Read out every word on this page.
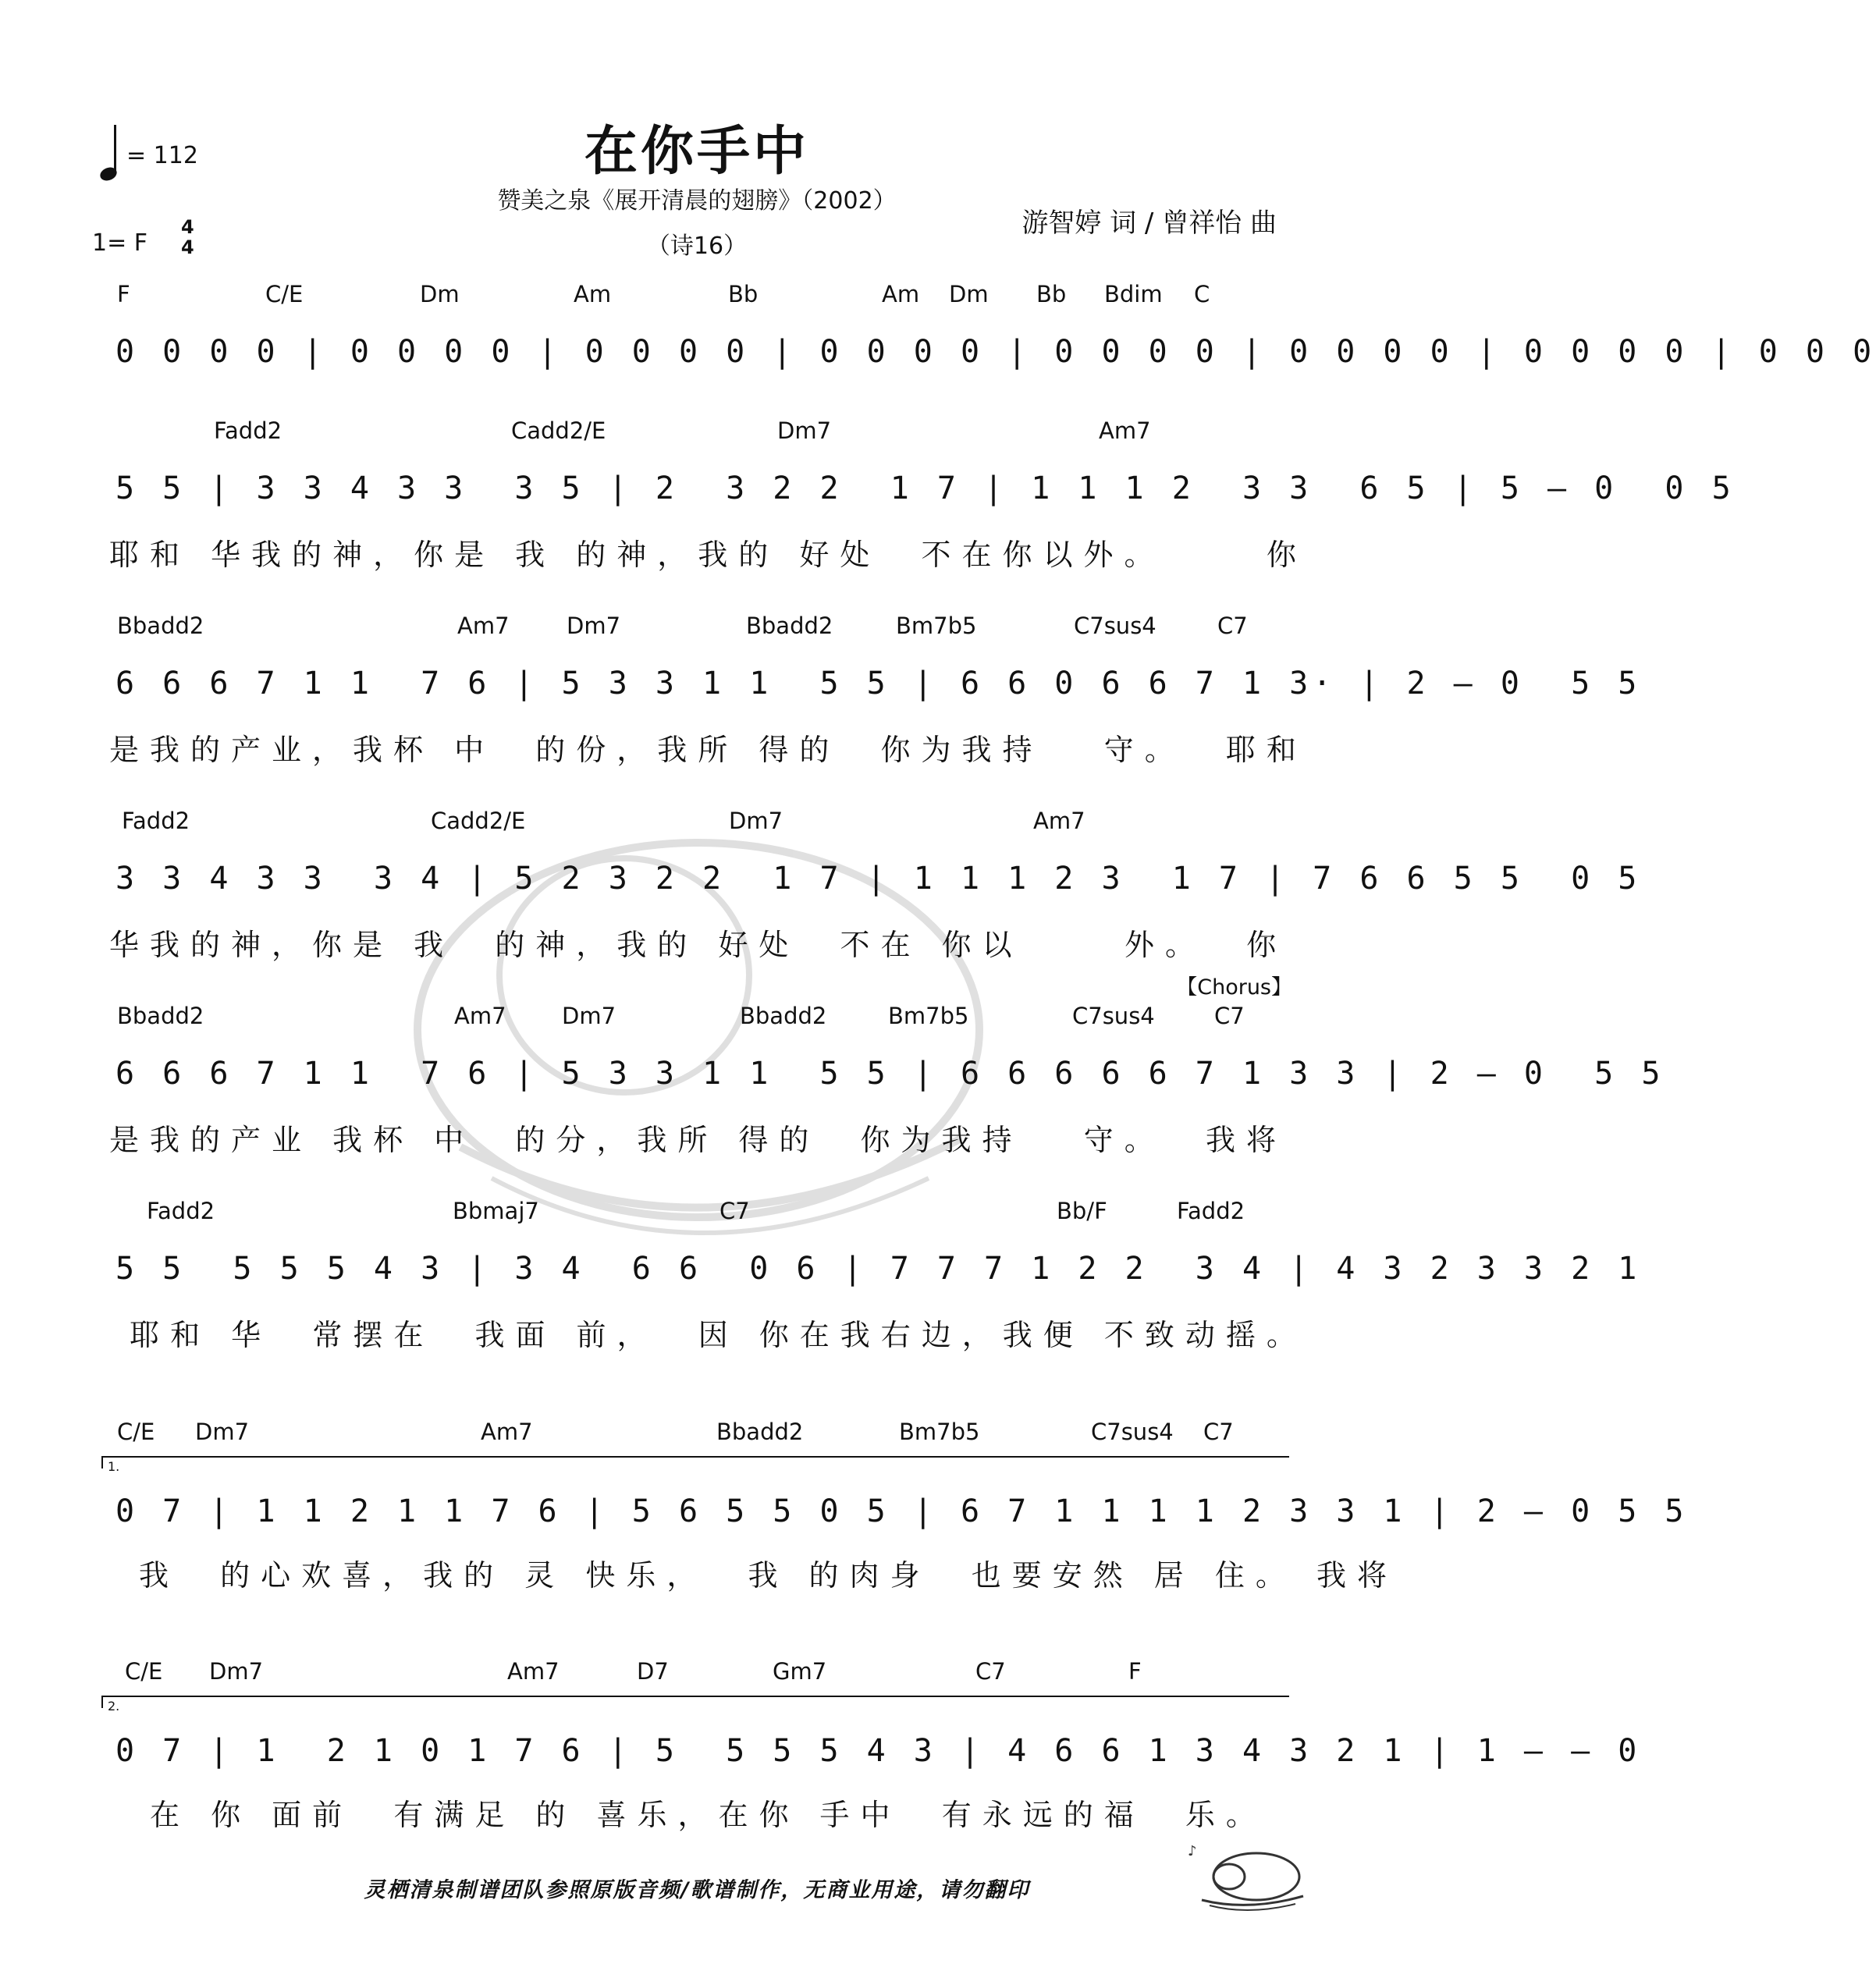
在你手中
赞美之泉《展开清晨的翅膀》（2002）
（诗16）
游智婷 词 / 曾祥怡 曲
= 112
1= F
4
4
F	C/E	Dm	Am	Bb	Am Dm Bb Bdim C
0 0 0 0 | 0 0 0 0 | 0 0 0 0 | 0 0 0 0 | 0 0 0 0 | 0 0 0 0 | 0 0 0 0 | 0 0 0
Fadd2	Cadd2/E	Dm7	Am7
5 5 | 3 3 4 3 3  3 5 | 2  3 2 2  1 7 | 1 1 1 2  3 3  6 5 | 5 — 0  0 5
耶和 华我的神，你是 我 的神，我的 好处  不在你以外。     你
Bbadd2	Am7	Dm7	Bbadd2	Bm7b5	C7sus4	C7
6 6 6 7 1 1  7 6 | 5 3 3 1 1  5 5 | 6 6 0 6 6 7 1 3· | 2 — 0  5 5
是我的产业，我杯 中  的份，我所 得的  你为我持   守。  耶和
Fadd2	Cadd2/E	Dm7	Am7
3 3 4 3 3  3 4 | 5 2 3 2 2  1 7 | 1 1 1 2 3  1 7 | 7 6 6 5 5  0 5
华我的神，你是 我  的神，我的 好处  不在 你以     外。  你
【Chorus】
Bbadd2	Am7 Dm7	Bbadd2	Bm7b5	C7sus4	C7
6 6 6 7 1 1  7 6 | 5 3 3 1 1  5 5 | 6 6 6 6 6 7 1 3 3 | 2 — 0  5 5
是我的产业 我杯 中  的分，我所 得的  你为我持   守。  我将
Fadd2	Bbmaj7	C7	Bb/F	Fadd2
5 5  5 5 5 4 3 | 3 4  6 6  0 6 | 7 7 7 1 2 2  3 4 | 4 3 2 3 3 2 1
耶和 华  常摆在  我面 前，  因 你在我右边，我便 不致动摇。
1.
C/E Dm7	Am7	Bbadd2	Bm7b5	C7sus4 C7
0 7 | 1 1 2 1 1 7 6 | 5 6 5 5 0 5 | 6 7 1 1 1 1 2 3 3 1 | 2 — 0 5 5
我  的心欢喜，我的 灵 快乐，  我 的肉身  也要安然 居 住。 我将
2.
C/E Dm7	Am7	D7	Gm7	C7	F
0 7 | 1  2 1 0 1 7 6 | 5  5 5 5 4 3 | 4 6 6 1 3 4 3 2 1 | 1 — — 0
在 你 面前  有满足 的 喜乐，在你 手中  有永远的福  乐。
灵栖清泉制谱团队参照原版音频/歌谱制作，无商业用途，请勿翻印
♪
